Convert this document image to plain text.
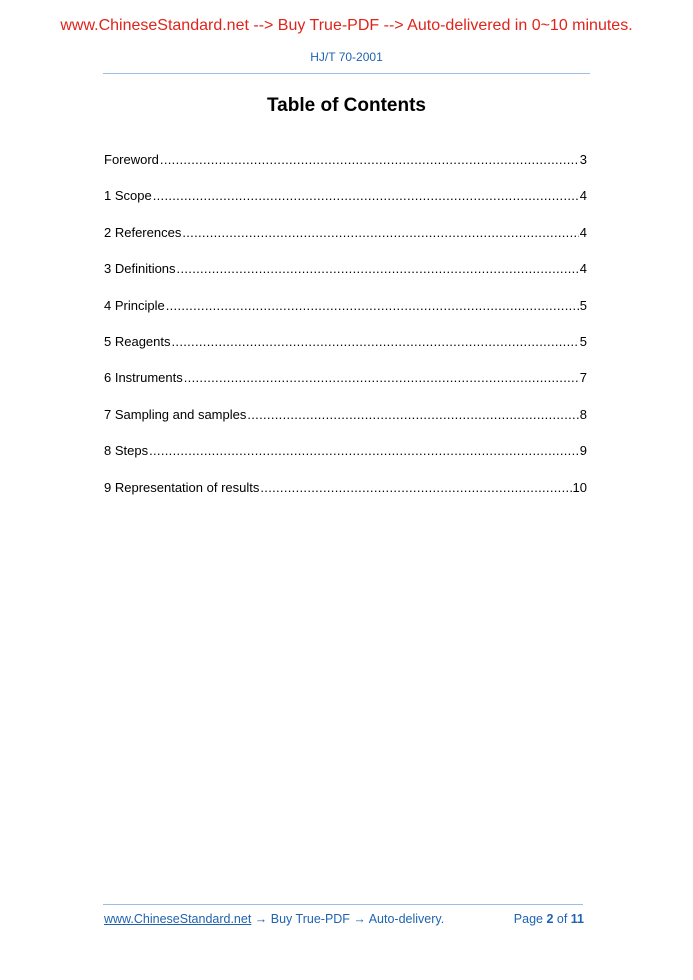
www.ChineseStandard.net --> Buy True-PDF --> Auto-delivered in 0~10 minutes.
HJ/T 70-2001
Table of Contents
Foreword .....	3
1 Scope .....	4
2 References .....	4
3 Definitions .....	4
4 Principle .....	5
5 Reagents .....	5
6 Instruments .....	7
7 Sampling and samples .....	8
8 Steps .....	9
9 Representation of results .....	10
www.ChineseStandard.net → Buy True-PDF → Auto-delivery.	Page 2 of 11
